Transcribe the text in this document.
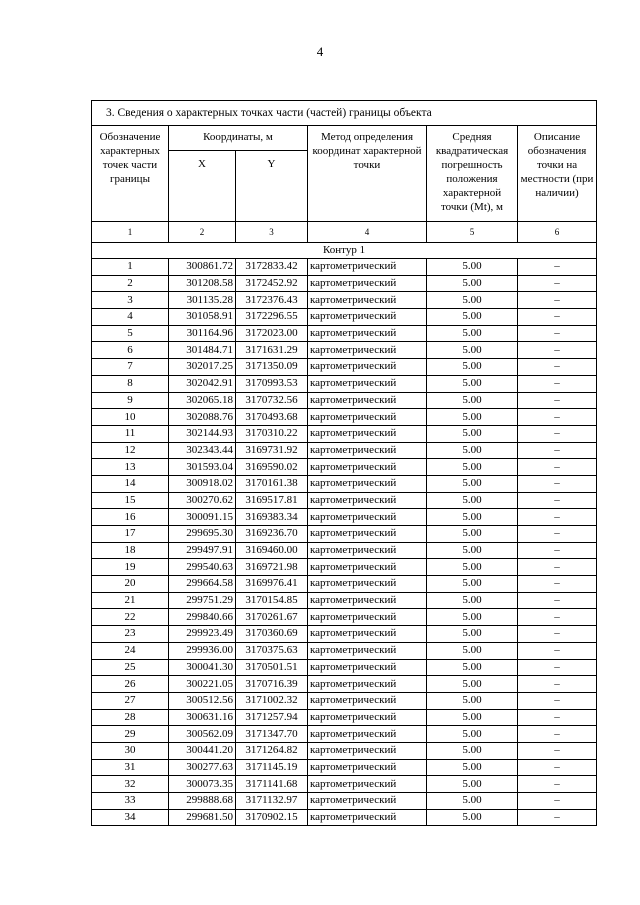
4
3. Сведения о характерных точках части (частей) границы объекта					
Обозначение характерных точек части границы	Координаты, м		Метод определения координат характерной точки	Средняя квадратическая погрешность положения характерной точки (Mt), м	Описание обозначения точки на местности (при наличии)
	X	Y			
1	2	3	4	5	6
Контур 1					
1	300861.72	3172833.42	картометрический	5.00	–
2	301208.58	3172452.92	картометрический	5.00	–
3	301135.28	3172376.43	картометрический	5.00	–
4	301058.91	3172296.55	картометрический	5.00	–
5	301164.96	3172023.00	картометрический	5.00	–
6	301484.71	3171631.29	картометрический	5.00	–
7	302017.25	3171350.09	картометрический	5.00	–
8	302042.91	3170993.53	картометрический	5.00	–
9	302065.18	3170732.56	картометрический	5.00	–
10	302088.76	3170493.68	картометрический	5.00	–
11	302144.93	3170310.22	картометрический	5.00	–
12	302343.44	3169731.92	картометрический	5.00	–
13	301593.04	3169590.02	картометрический	5.00	–
14	300918.02	3170161.38	картометрический	5.00	–
15	300270.62	3169517.81	картометрический	5.00	–
16	300091.15	3169383.34	картометрический	5.00	–
17	299695.30	3169236.70	картометрический	5.00	–
18	299497.91	3169460.00	картометрический	5.00	–
19	299540.63	3169721.98	картометрический	5.00	–
20	299664.58	3169976.41	картометрический	5.00	–
21	299751.29	3170154.85	картометрический	5.00	–
22	299840.66	3170261.67	картометрический	5.00	–
23	299923.49	3170360.69	картометрический	5.00	–
24	299936.00	3170375.63	картометрический	5.00	–
25	300041.30	3170501.51	картометрический	5.00	–
26	300221.05	3170716.39	картометрический	5.00	–
27	300512.56	3171002.32	картометрический	5.00	–
28	300631.16	3171257.94	картометрический	5.00	–
29	300562.09	3171347.70	картометрический	5.00	–
30	300441.20	3171264.82	картометрический	5.00	–
31	300277.63	3171145.19	картометрический	5.00	–
32	300073.35	3171141.68	картометрический	5.00	–
33	299888.68	3171132.97	картометрический	5.00	–
34	299681.50	3170902.15	картометрический	5.00	–
